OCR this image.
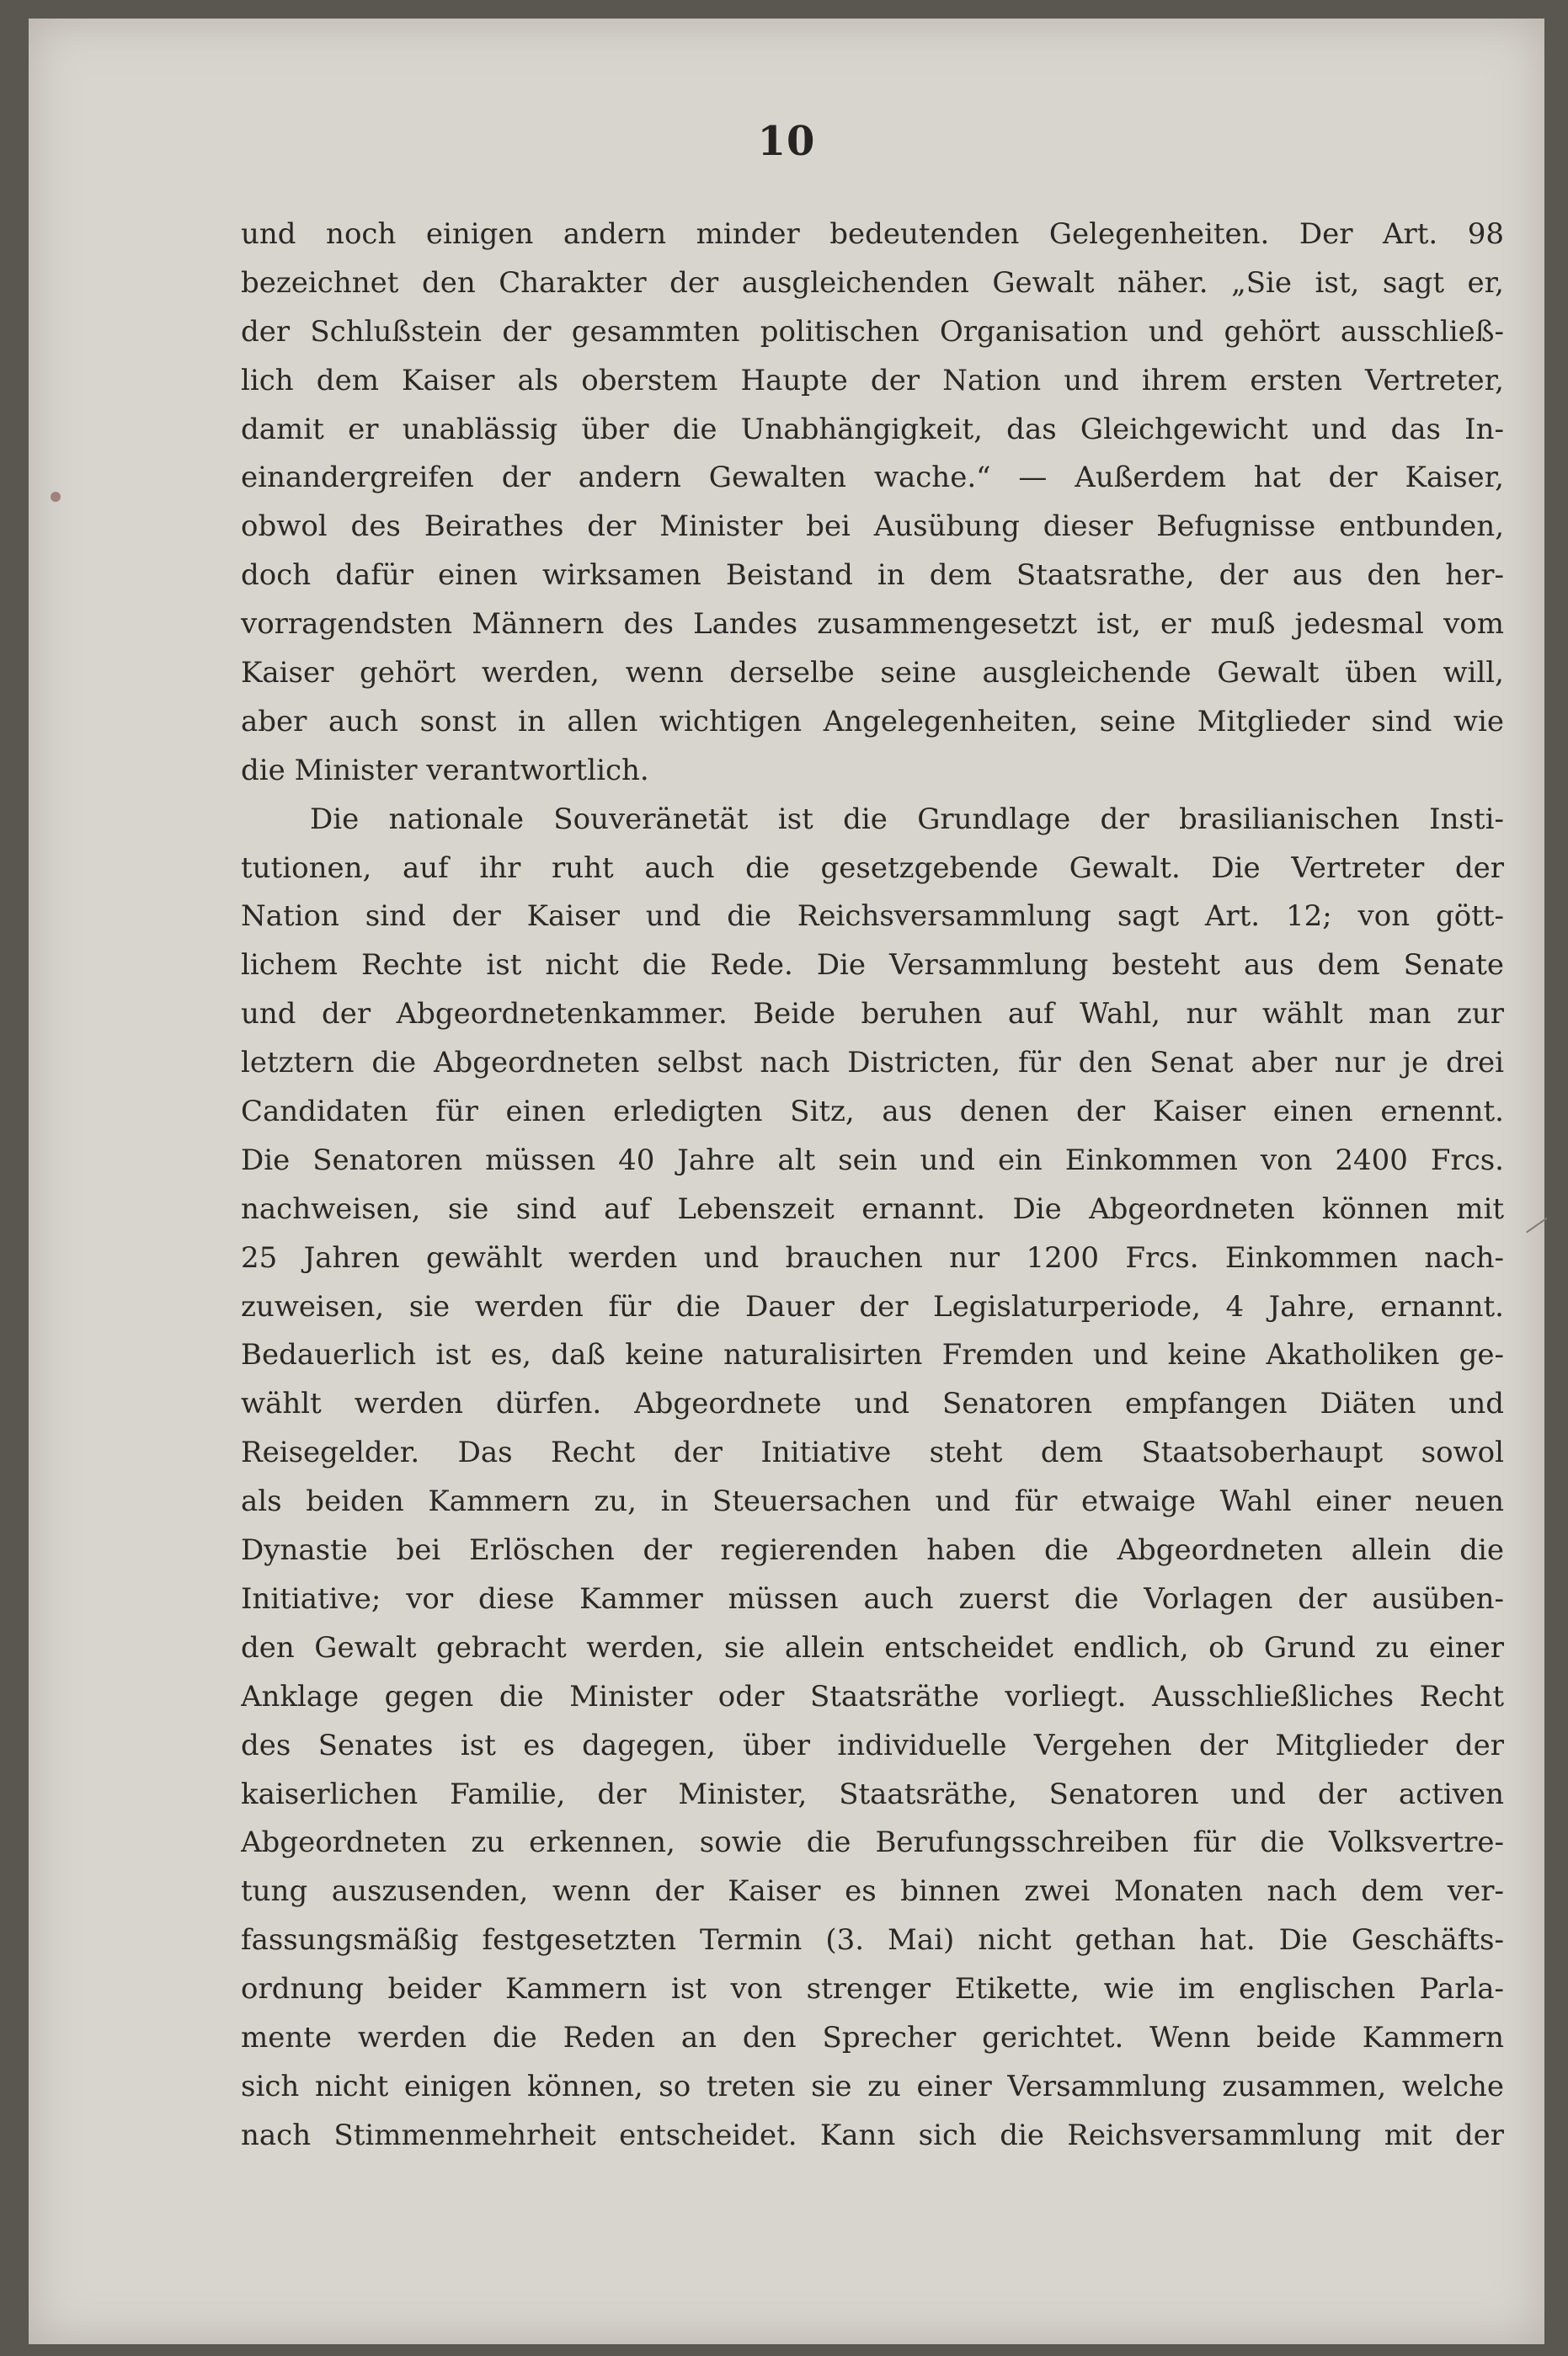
10
und noch einigen andern minder bedeutenden Gelegenheiten. Der Art. 98
bezeichnet den Charakter der ausgleichenden Gewalt näher. „Sie ist, sagt er,
der Schlußstein der gesammten politischen Organisation und gehört ausschließ-
lich dem Kaiser als oberstem Haupte der Nation und ihrem ersten Vertreter,
damit er unablässig über die Unabhängigkeit, das Gleichgewicht und das In-
einandergreifen der andern Gewalten wache.“ — Außerdem hat der Kaiser,
obwol des Beirathes der Minister bei Ausübung dieser Befugnisse entbunden,
doch dafür einen wirksamen Beistand in dem Staatsrathe, der aus den her-
vorragendsten Männern des Landes zusammengesetzt ist, er muß jedesmal vom
Kaiser gehört werden, wenn derselbe seine ausgleichende Gewalt üben will,
aber auch sonst in allen wichtigen Angelegenheiten, seine Mitglieder sind wie
die Minister verantwortlich.
Die nationale Souveränetät ist die Grundlage der brasilianischen Insti-
tutionen, auf ihr ruht auch die gesetzgebende Gewalt. Die Vertreter der
Nation sind der Kaiser und die Reichsversammlung sagt Art. 12; von gött-
lichem Rechte ist nicht die Rede. Die Versammlung besteht aus dem Senate
und der Abgeordnetenkammer. Beide beruhen auf Wahl, nur wählt man zur
letztern die Abgeordneten selbst nach Districten, für den Senat aber nur je drei
Candidaten für einen erledigten Sitz, aus denen der Kaiser einen ernennt.
Die Senatoren müssen 40 Jahre alt sein und ein Einkommen von 2400 Frcs.
nachweisen, sie sind auf Lebenszeit ernannt. Die Abgeordneten können mit
25 Jahren gewählt werden und brauchen nur 1200 Frcs. Einkommen nach-
zuweisen, sie werden für die Dauer der Legislaturperiode, 4 Jahre, ernannt.
Bedauerlich ist es, daß keine naturalisirten Fremden und keine Akatholiken ge-
wählt werden dürfen. Abgeordnete und Senatoren empfangen Diäten und
Reisegelder. Das Recht der Initiative steht dem Staatsoberhaupt sowol
als beiden Kammern zu, in Steuersachen und für etwaige Wahl einer neuen
Dynastie bei Erlöschen der regierenden haben die Abgeordneten allein die
Initiative; vor diese Kammer müssen auch zuerst die Vorlagen der ausüben-
den Gewalt gebracht werden, sie allein entscheidet endlich, ob Grund zu einer
Anklage gegen die Minister oder Staatsräthe vorliegt. Ausschließliches Recht
des Senates ist es dagegen, über individuelle Vergehen der Mitglieder der
kaiserlichen Familie, der Minister, Staatsräthe, Senatoren und der activen
Abgeordneten zu erkennen, sowie die Berufungsschreiben für die Volksvertre-
tung auszusenden, wenn der Kaiser es binnen zwei Monaten nach dem ver-
fassungsmäßig festgesetzten Termin (3. Mai) nicht gethan hat. Die Geschäfts-
ordnung beider Kammern ist von strenger Etikette, wie im englischen Parla-
mente werden die Reden an den Sprecher gerichtet. Wenn beide Kammern
sich nicht einigen können, so treten sie zu einer Versammlung zusammen, welche
nach Stimmenmehrheit entscheidet. Kann sich die Reichsversammlung mit der
